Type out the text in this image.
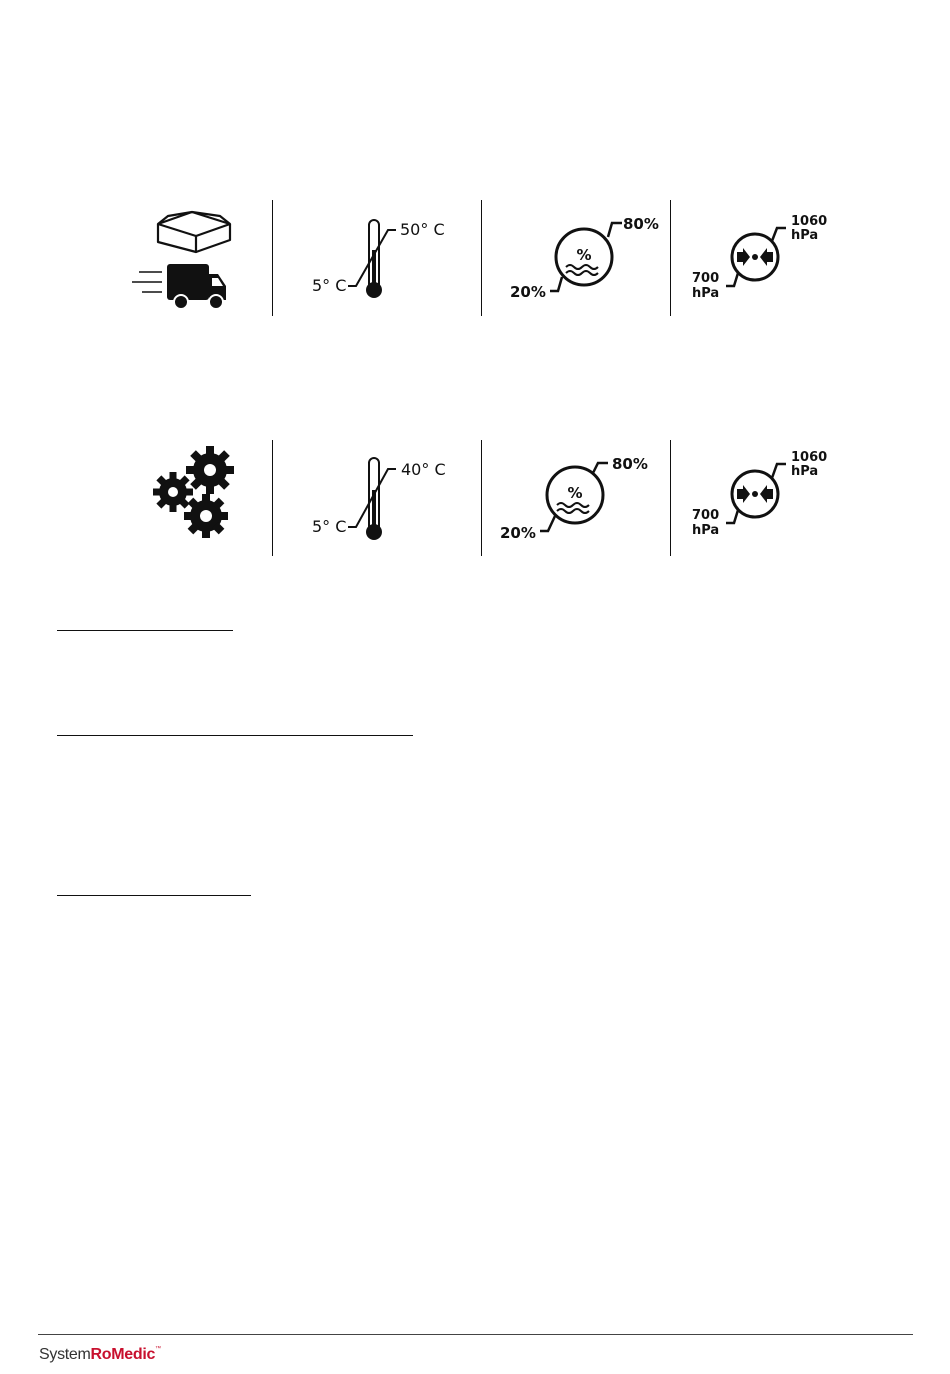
50° C
5° C
%
80%
20%
1060
hPa
700
hPa
40° C
5° C
%
80%
20%
1060
hPa
700
hPa
SystemRoMedic™
